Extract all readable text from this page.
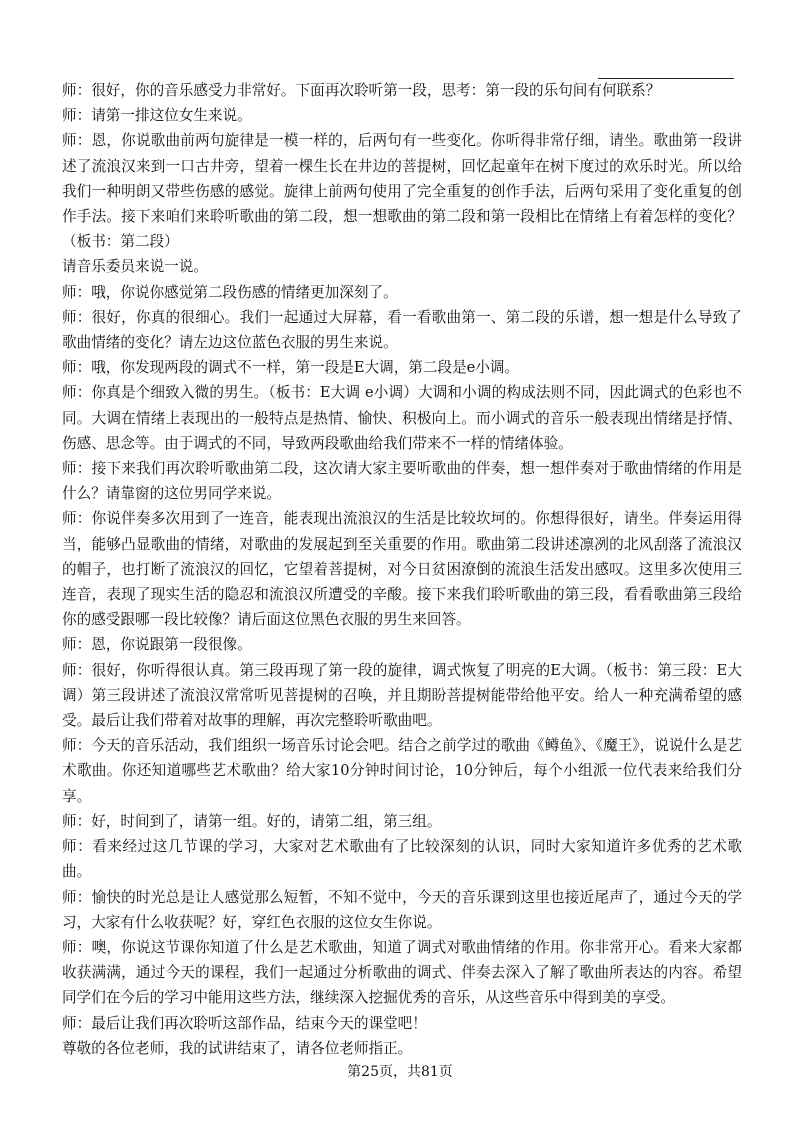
师：很好，你的音乐感受力非常好。下面再次聆听第一段，思考：第一段的乐句间有何联系？

师：请第一排这位女生来说。

师：恩，你说歌曲前两句旋律是一模一样的，后两句有一些变化。你听得非常仔细，请坐。歌曲第一段讲述了流浪汉来到一口古井旁，望着一棵生长在井边的菩提树，回忆起童年在树下度过的欢乐时光。所以给我们一种明朗又带些伤感的感觉。旋律上前两句使用了完全重复的创作手法，后两句采用了变化重复的创作手法。接下来咱们来聆听歌曲的第二段，想一想歌曲的第二段和第一段相比在情绪上有着怎样的变化？（板书：第二段）

请音乐委员来说一说。

师：哦，你说你感觉第二段伤感的情绪更加深刻了。

师：很好，你真的很细心。我们一起通过大屏幕，看一看歌曲第一、第二段的乐谱，想一想是什么导致了歌曲情绪的变化？请左边这位蓝色衣服的男生来说。

师：哦，你发现两段的调式不一样，第一段是E大调，第二段是e小调。

师：你真是个细致入微的男生。（板书：E大调 e小调）大调和小调的构成法则不同，因此调式的色彩也不同。大调在情绪上表现出的一般特点是热情、愉快、积极向上。而小调式的音乐一般表现出情绪是抒情、伤感、思念等。由于调式的不同，导致两段歌曲给我们带来不一样的情绪体验。

师：接下来我们再次聆听歌曲第二段，这次请大家主要听歌曲的伴奏，想一想伴奏对于歌曲情绪的作用是什么？请靠窗的这位男同学来说。

师：你说伴奏多次用到了一连音，能表现出流浪汉的生活是比较坎坷的。你想得很好，请坐。伴奏运用得当，能够凸显歌曲的情绪，对歌曲的发展起到至关重要的作用。歌曲第二段讲述凛冽的北风刮落了流浪汉的帽子，也打断了流浪汉的回忆，它望着菩提树，对今日贫困潦倒的流浪生活发出感叹。这里多次使用三连音，表现了现实生活的隐忍和流浪汉所遭受的辛酸。接下来我们聆听歌曲的第三段，看看歌曲第三段给你的感受跟哪一段比较像？请后面这位黑色衣服的男生来回答。

师：恩，你说跟第一段很像。

师：很好，你听得很认真。第三段再现了第一段的旋律，调式恢复了明亮的E大调。（板书：第三段：E大调）第三段讲述了流浪汉常常听见菩提树的召唤，并且期盼菩提树能带给他平安。给人一种充满希望的感受。最后让我们带着对故事的理解，再次完整聆听歌曲吧。

师：今天的音乐活动，我们组织一场音乐讨论会吧。结合之前学过的歌曲《鳟鱼》、《魔王》，说说什么是艺术歌曲。你还知道哪些艺术歌曲？给大家10分钟时间讨论，10分钟后，每个小组派一位代表来给我们分享。

师：好，时间到了，请第一组。好的，请第二组，第三组。

师：看来经过这几节课的学习，大家对艺术歌曲有了比较深刻的认识，同时大家知道许多优秀的艺术歌曲。

师：愉快的时光总是让人感觉那么短暂，不知不觉中，今天的音乐课到这里也接近尾声了，通过今天的学习，大家有什么收获呢？好，穿红色衣服的这位女生你说。

师：噢，你说这节课你知道了什么是艺术歌曲，知道了调式对歌曲情绪的作用。你非常开心。看来大家都收获满满，通过今天的课程，我们一起通过分析歌曲的调式、伴奏去深入了解了歌曲所表达的内容。希望同学们在今后的学习中能用这些方法，继续深入挖掘优秀的音乐，从这些音乐中得到美的享受。

师：最后让我们再次聆听这部作品，结束今天的课堂吧！

尊敬的各位老师，我的试讲结束了，请各位老师指正。

第25页，共81页
